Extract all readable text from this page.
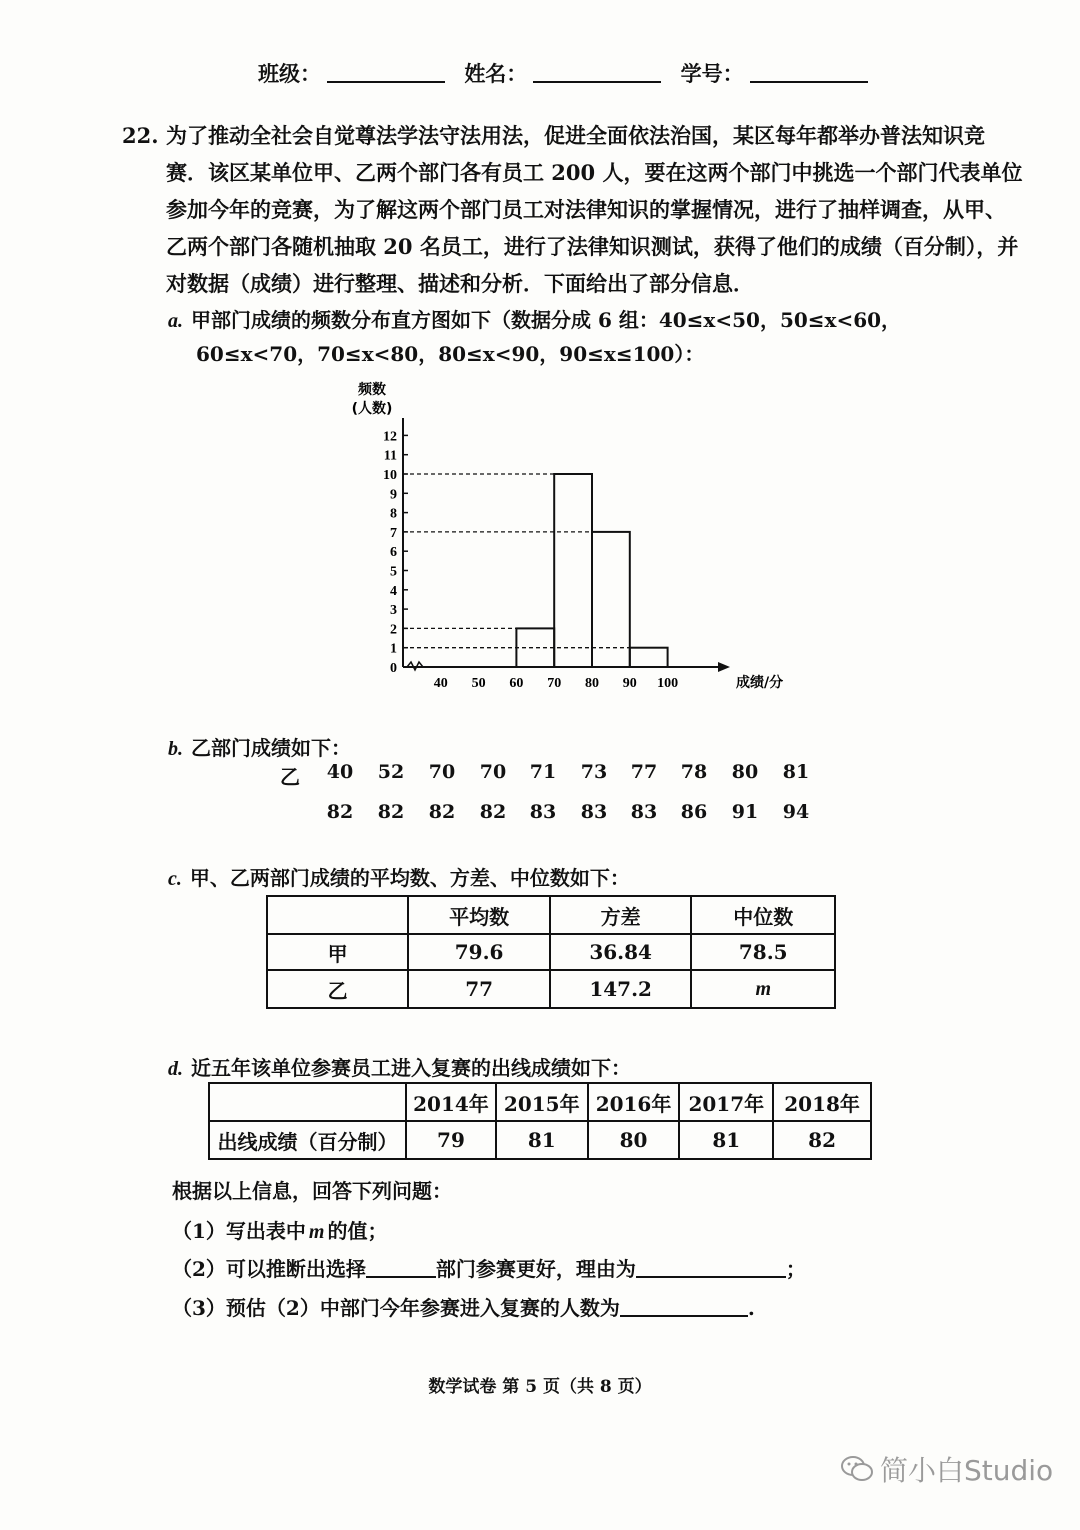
班级：	姓名：	学号：
22. 为了推动全社会自觉尊法学法守法用法，促进全面依法治国，某区每年都举办普法知识竞
赛．该区某单位甲、乙两个部门各有员工 200 人，要在这两个部门中挑选一个部门代表单位
参加今年的竞赛，为了解这两个部门员工对法律知识的掌握情况，进行了抽样调查，从甲、
乙两个部门各随机抽取 20 名员工，进行了法律知识测试，获得了他们的成绩（百分制），并
对数据（成绩）进行整理、描述和分析．下面给出了部分信息．
a. 甲部门成绩的频数分布直方图如下（数据分成 6 组：40≤x<50，50≤x<60，
60≤x<70，70≤x<80，80≤x<90，90≤x≤100）：
频数
(人数)
0
1
2
3
4
5
6
7
8
9
10
11
12
40 50 60 70 80 90 100	成绩/分
b. 乙部门成绩如下：
乙	40	52	70	70	71	73	77	78	80	81
82	82	82	82	83	83	83	86	91	94
c. 甲、乙两部门成绩的平均数、方差、中位数如下：
	平均数	方差	中位数
甲	79.6	36.84	78.5
乙	77	147.2	m
d. 近五年该单位参赛员工进入复赛的出线成绩如下：
	2014年	2015年	2016年	2017年	2018年
出线成绩（百分制）	79	81	80	81	82
根据以上信息，回答下列问题：
（1）写出表中 m 的值；
（2）可以推断出选择	部门参赛更好，理由为	；
（3）预估（2）中部门今年参赛进入复赛的人数为	.
数学试卷 第 5 页（共 8 页）
简小白Studio
